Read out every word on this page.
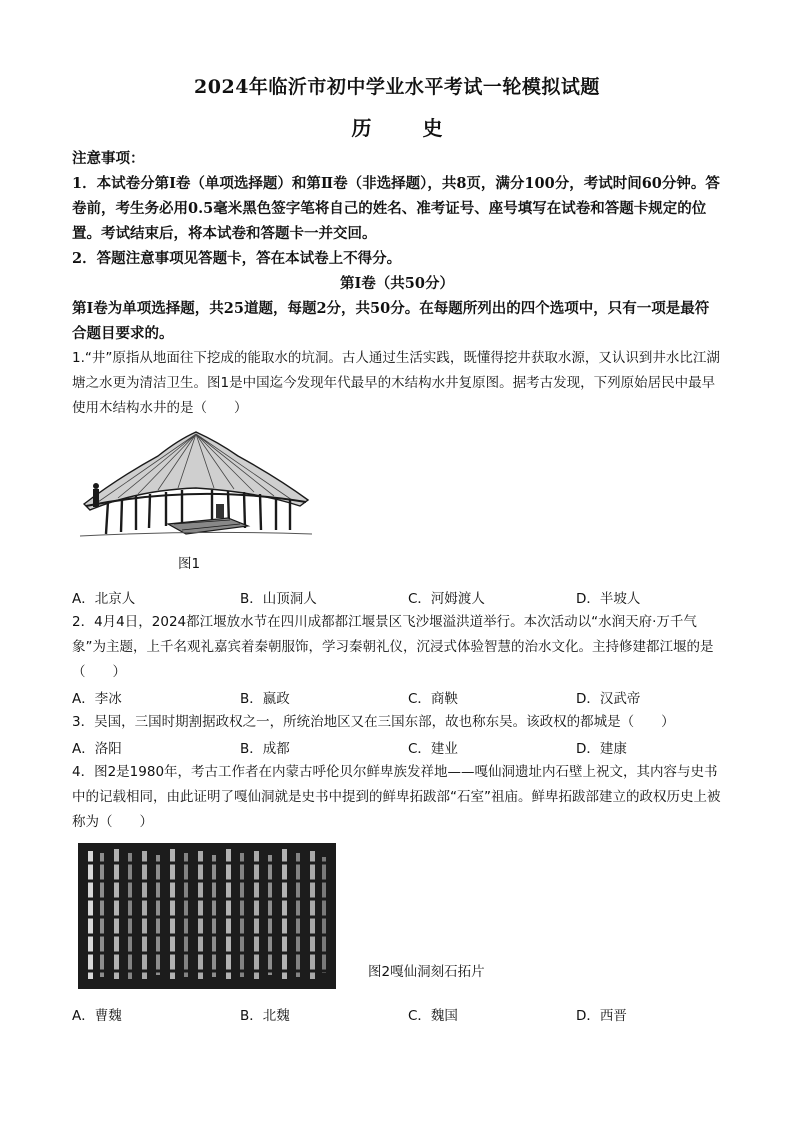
2024年临沂市初中学业水平考试一轮模拟试题
历 史
注意事项：
1．本试卷分第Ⅰ卷（单项选择题）和第Ⅱ卷（非选择题），共8页，满分100分，考试时间60分钟。答卷前，考生务必用0.5毫米黑色签字笔将自己的姓名、准考证号、座号填写在试卷和答题卡规定的位置。考试结束后，将本试卷和答题卡一并交回。
2．答题注意事项见答题卡，答在本试卷上不得分。
第Ⅰ卷（共50分）
第Ⅰ卷为单项选择题，共25道题，每题2分，共50分。在每题所列出的四个选项中，只有一项是最符合题目要求的。
1.“井”原指从地面往下挖成的能取水的坑洞。古人通过生活实践，既懂得挖井获取水源，又认识到井水比江湖塘之水更为清洁卫生。图1是中国迄今发现年代最早的木结构水井复原图。据考古发现，下列原始居民中最早使用木结构水井的是（　　）
图1
A．北京人	B．山顶洞人	C．河姆渡人	D．半坡人
2．4月4日，2024都江堰放水节在四川成都都江堰景区飞沙堰溢洪道举行。本次活动以“水润天府·万千气象”为主题，上千名观礼嘉宾着秦朝服饰，学习秦朝礼仪，沉浸式体验智慧的治水文化。主持修建都江堰的是（　　）
A．李冰	B．嬴政	C．商鞅	D．汉武帝
3．吴国，三国时期割据政权之一，所统治地区又在三国东部，故也称东吴。该政权的都城是（　　）
A．洛阳	B．成都	C．建业	D．建康
4．图2是1980年，考古工作者在内蒙古呼伦贝尔鲜卑族发祥地——嘎仙洞遗址内石壁上祝文，其内容与史书中的记载相同，由此证明了嘎仙洞就是史书中提到的鲜卑拓跋部“石室”祖庙。鲜卑拓跋部建立的政权历史上被称为（　　）
图2嘎仙洞刻石拓片
A．曹魏	B．北魏	C．魏国	D．西晋
